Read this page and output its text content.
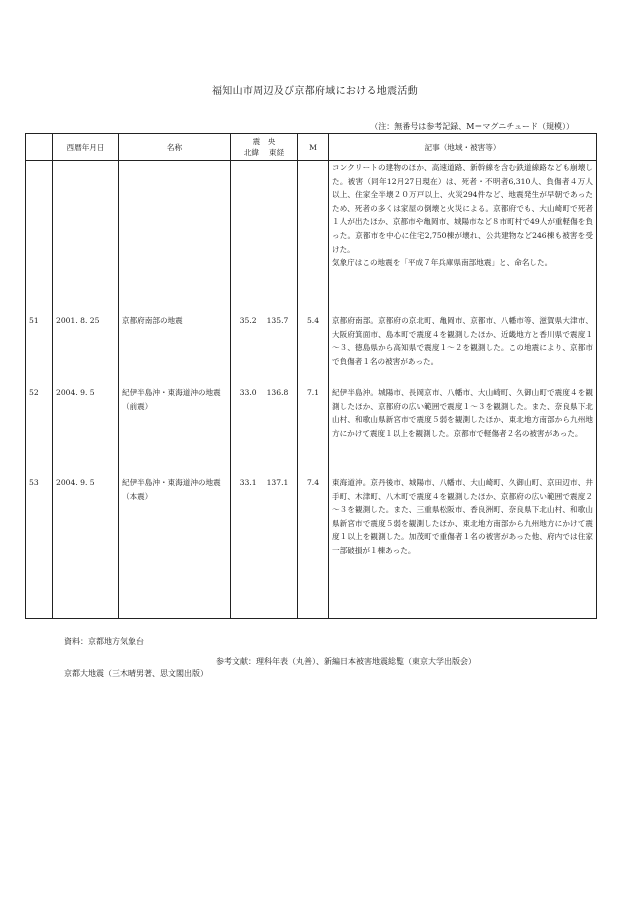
福知山市周辺及び京都府域における地震活動
（注：無番号は参考記録、M＝マグニチュード（規模））
	西暦年月日	名称	震　央
北緯 東経	M	記事（地域・被害等）

					コンクリートの建物のほか、高速道路、新幹線を含む鉄道線路なども崩壊した。被害（同年12月27日現在）は、死者・不明者6,310人、負傷者４万人以上、住家全半壊２０万戸以上、火災294件など、地震発生が早朝であったため、死者の多くは家屋の倒壊と火災による。京都府でも、大山崎町で死者１人が出たほか、京都市や亀岡市、城陽市など８市町村で49人が重軽傷を負った。京都市を中心に住宅2,750棟が壊れ、公共建物など246棟も被害を受けた。
気象庁はこの地震を「平成７年兵庫県南部地震」と、命名した。

51	2001. 8. 25	京都府南部の地震	35.2 135.7	5.4	京都府南部。京都府の京北町、亀岡市、京都市、八幡市等、滋賀県大津市、大阪府箕面市、島本町で震度４を観測したほか、近畿地方と香川県で震度１～３、徳島県から高知県で震度１～２を観測した。この地震により、京都市で負傷者１名の被害があった。
52	2004. 9. 5	紀伊半島沖・東海道沖の地震（前震）	33.0 136.8	7.1	紀伊半島沖。城陽市、長岡京市、八幡市、大山崎町、久御山町で震度４を観測したほか、京都府の広い範囲で震度１～３を観測した。また、奈良県下北山村、和歌山県新宮市で震度５弱を観測したほか、東北地方南部から九州地方にかけて震度１以上を観測した。京都市で軽傷者２名の被害があった。
53	2004. 9. 5	紀伊半島沖・東海道沖の地震（本震）	33.1 137.1	7.4	東海道沖。京丹後市、城陽市、八幡市、大山崎町、久御山町、京田辺市、井手町、木津町、八木町で震度４を観測したほか、京都府の広い範囲で震度２～３を観測した。また、三重県松阪市、香良洲町、奈良県下北山村、和歌山県新宮市で震度５弱を観測したほか、東北地方南部から九州地方にかけて震度１以上を観測した。加茂町で重傷者１名の被害があった他、府内では住家一部破損が１棟あった。
資料：京都地方気象台
参考文献：理科年表（丸善）、新編日本被害地震総覧（東京大学出版会）
京都大地震（三木晴男著、思文閣出版）
